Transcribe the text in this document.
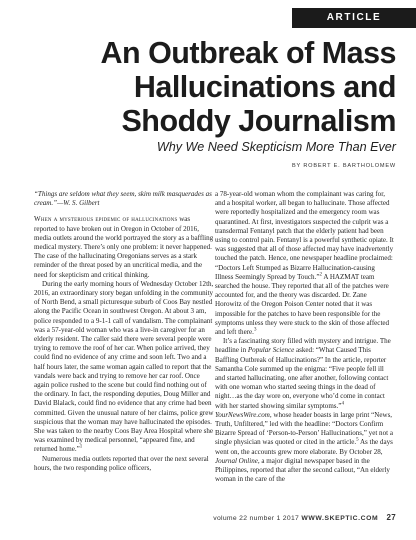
ARTICLE
An Outbreak of Mass Hallucinations and Shoddy Journalism
Why We Need Skepticism More Than Ever
BY ROBERT E. BARTHOLOMEW

“Things are seldom what they seem, skim milk masquerades as cream.”—W. S. Gilbert

When a mysterious epidemic of hallucinations was reported to have broken out in Oregon in October of 2016, media outlets around the world portrayed the story as a baffling medical mystery. There’s only one problem: it never happened. The case of the hallucinating Oregonians serves as a stark reminder of the threat posed by an uncritical media, and the need for skepticism and critical thinking.

During the early morning hours of Wednesday October 12th, 2016, an extraordinary story began unfolding in the community of North Bend, a small picturesque suburb of Coos Bay nestled along the Pacific Ocean in southwest Oregon. At about 3 am, police responded to a 9-1-1 call of vandalism. The complainant was a 57-year-old woman who was a live-in caregiver for an elderly resident. The caller said there were several people were trying to remove the roof of her car. When police arrived, they could find no evidence of any crime and soon left. Two and a half hours later, the same woman again called to report that the vandals were back and trying to remove her car roof. Once again police rushed to the scene but could find nothing out of the ordinary. In fact, the responding deputies, Doug Miller and David Blalack, could find no evidence that any crime had been committed. Given the unusual nature of her claims, police grew suspicious that the woman may have hallucinated the episodes. She was taken to the nearby Coos Bay Area Hospital where she was examined by medical personnel, “appeared fine, and returned home.”$^1$

Numerous media outlets reported that over the next several hours, the two responding police officers,

a 78-year-old woman whom the complainant was caring for, and a hospital worker, all began to hallucinate. Those affected were reportedly hospitalized and the emergency room was quarantined. At first, investigators suspected the culprit was a transdermal Fentanyl patch that the elderly patient had been using to control pain. Fentanyl is a powerful synthetic opiate. It was suggested that all of those affected may have inadvertently touched the patch. Hence, one newspaper headline proclaimed: “Doctors Left Stumped as Bizarre Hallucination-causing Illness Seemingly Spread by Touch.”$^2$ A HAZMAT team searched the house. They reported that all of the patches were accounted for, and the theory was discarded. Dr. Zane Horowitz of the Oregon Poison Center noted that it was impossible for the patches to have been responsible for the symptoms unless they were stuck to the skin of those affected and left there.$^3$

It’s a fascinating story filled with mystery and intrigue. The headline in Popular Science asked: “What Caused This Baffling Outbreak of Hallucinations?” In the article, reporter Samantha Cole summed up the enigma: “Five people fell ill and started hallucinating, one after another, following contact with one woman who started seeing things in the dead of night…as the day wore on, everyone who’d come in contact with her started showing similar symptoms.”$^4$ YourNewsWire.com, whose header boasts in large print “News, Truth, Unfiltered,” led with the headline: “Doctors Confirm Bizarre Spread of ‘Person-to-Person’ Hallucinations,” yet not a single physician was quoted or cited in the article.$^5$ As the days went on, the accounts grew more elaborate. By October 28, Journal Online, a major digital newspaper based in the Philippines, reported that after the second callout, “An elderly woman in the care of the

volume 22 number 1 2017 WWW.SKEPTIC.COM 27
